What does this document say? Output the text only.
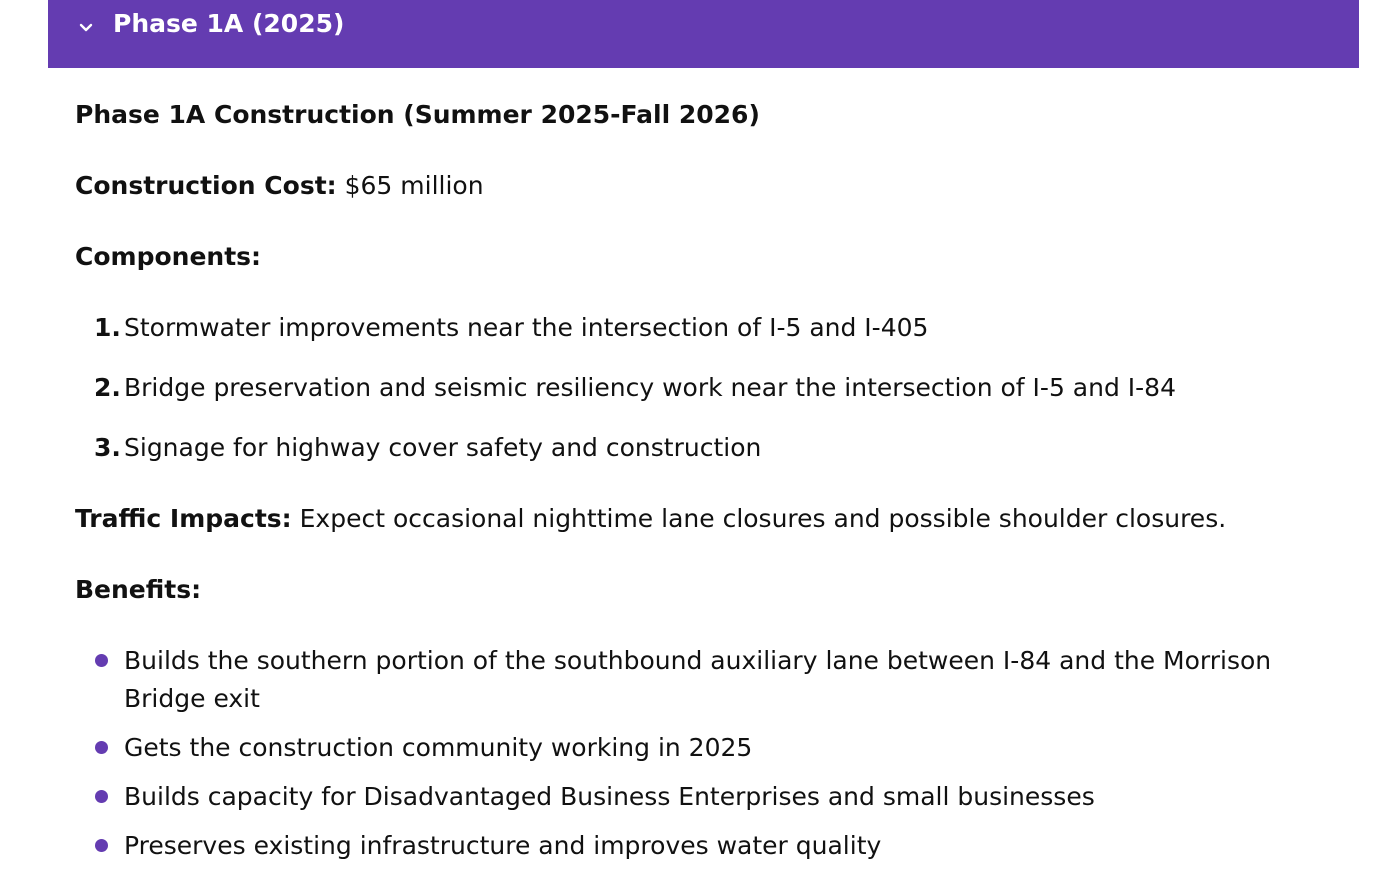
Phase 1A (2025)
Phase 1A Construction (Summer 2025-Fall 2026)
Construction Cost: $65 million
Components:
1. Stormwater improvements near the intersection of I-5 and I-405
2. Bridge preservation and seismic resiliency work near the intersection of I-5 and I-84
3. Signage for highway cover safety and construction
Traffic Impacts: Expect occasional nighttime lane closures and possible shoulder closures.
Benefits:
Builds the southern portion of the southbound auxiliary lane between I-84 and the Morrison Bridge exit
Gets the construction community working in 2025
Builds capacity for Disadvantaged Business Enterprises and small businesses
Preserves existing infrastructure and improves water quality
